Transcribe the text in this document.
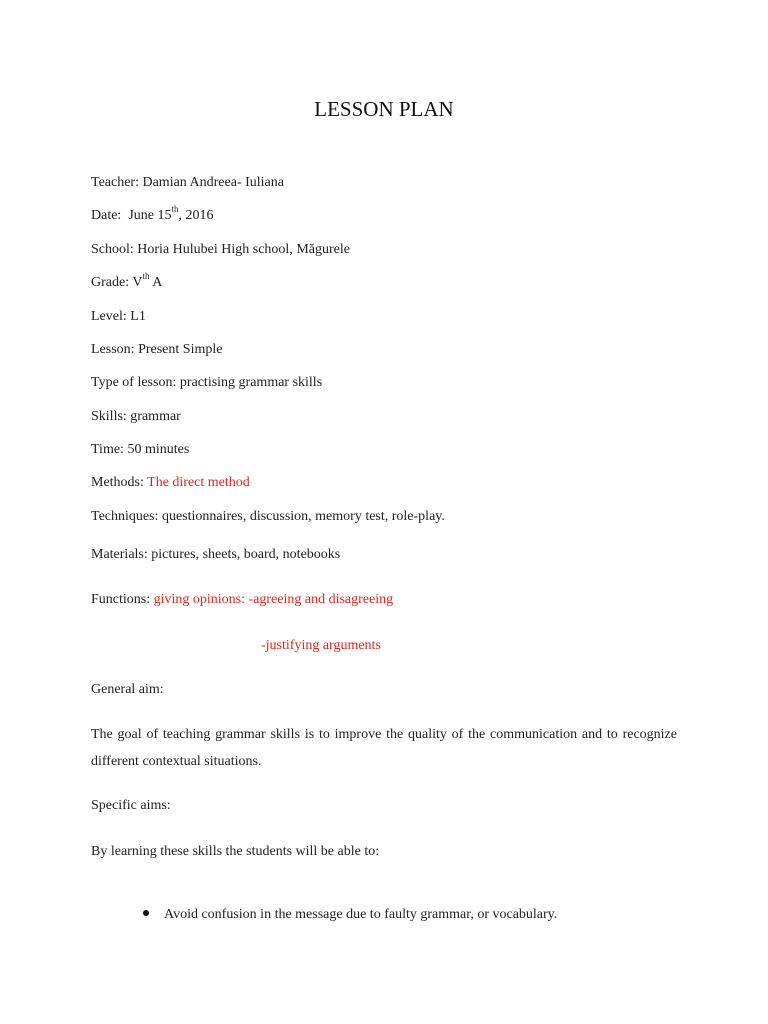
LESSON PLAN
Teacher: Damian Andreea- Iuliana
Date: June 15th, 2016
School: Horia Hulubei High school, Măgurele
Grade: Vth A
Level: L1
Lesson: Present Simple
Type of lesson: practising grammar skills
Skills: grammar
Time: 50 minutes
Methods: The direct method
Techniques: questionnaires, discussion, memory test, role-play.
Materials: pictures, sheets, board, notebooks
Functions: giving opinions: -agreeing and disagreeing
-justifying arguments
General aim:
The goal of teaching grammar skills is to improve the quality of the communication and to recognize different contextual situations.
Specific aims:
By learning these skills the students will be able to:
Avoid confusion in the message due to faulty grammar, or vocabulary.
